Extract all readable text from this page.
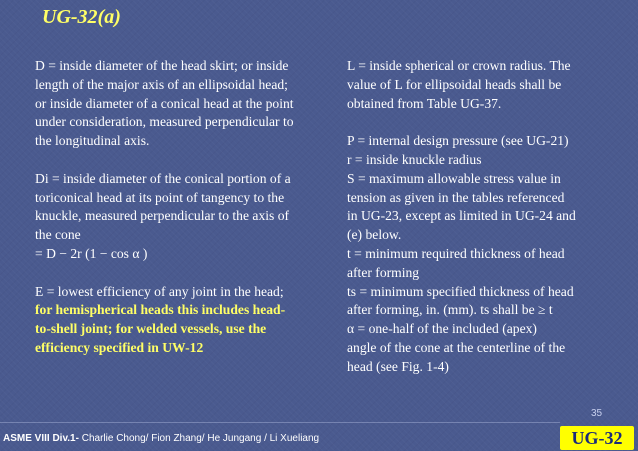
UG-32(a)
D = inside diameter of the head skirt; or inside
length of the major axis of an ellipsoidal head;
or inside diameter of a conical head at the point
under consideration, measured perpendicular to
the longitudinal axis.
Di = inside diameter of the conical portion of a
toriconical head at its point of tangency to the
knuckle, measured perpendicular to the axis of
the cone
= D − 2r (1 − cos α )
E = lowest efficiency of any joint in the head;
for hemispherical heads this includes head-
to-shell joint; for welded vessels, use the
efficiency specified in UW-12
L = inside spherical or crown radius. The
value of L for ellipsoidal heads shall be
obtained from Table UG-37.
P = internal design pressure (see UG-21)
r = inside knuckle radius
S = maximum allowable stress value in
tension as given in the tables referenced
in UG-23, except as limited in UG-24 and
(e) below.
t = minimum required thickness of head
after forming
ts = minimum specified thickness of head
after forming, in. (mm). ts shall be ≥ t
α = one-half of the included (apex)
angle of the cone at the centerline of the
head (see Fig. 1-4)
35
ASME VIII Div.1- Charlie Chong/ Fion Zhang/ He Jungang / Li Xueliang	UG-32
